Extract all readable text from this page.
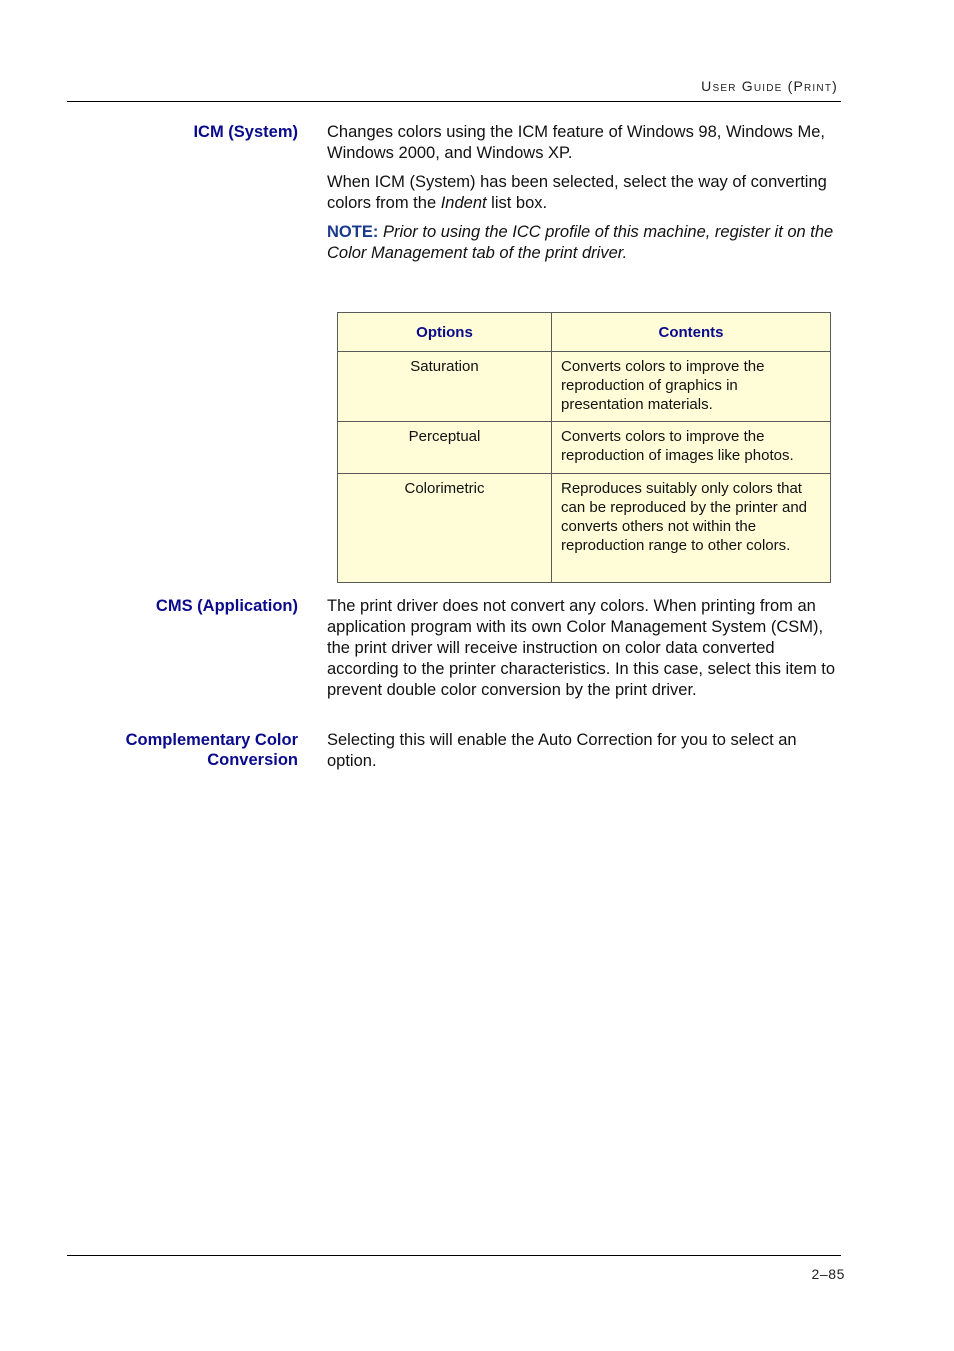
User Guide (Print)
ICM (System) Changes colors using the ICM feature of Windows 98, Windows Me, Windows 2000, and Windows XP.

When ICM (System) has been selected, select the way of converting colors from the Indent list box.

NOTE: Prior to using the ICC profile of this machine, register it on the Color Management tab of the print driver.

Options	Contents
Saturation	Converts colors to improve the reproduction of graphics in presentation materials.
Perceptual	Converts colors to improve the reproduction of images like photos.
Colorimetric	Reproduces suitably only colors that can be reproduced by the printer and converts others not within the reproduction range to other colors.
CMS (Application) The print driver does not convert any colors. When printing from an application program with its own Color Management System (CSM), the print driver will receive instruction on color data converted according to the printer characteristics. In this case, select this item to prevent double color conversion by the print driver.

Complementary Color
Conversion

Selecting this will enable the Auto Correction for you to select an option.

2–85
